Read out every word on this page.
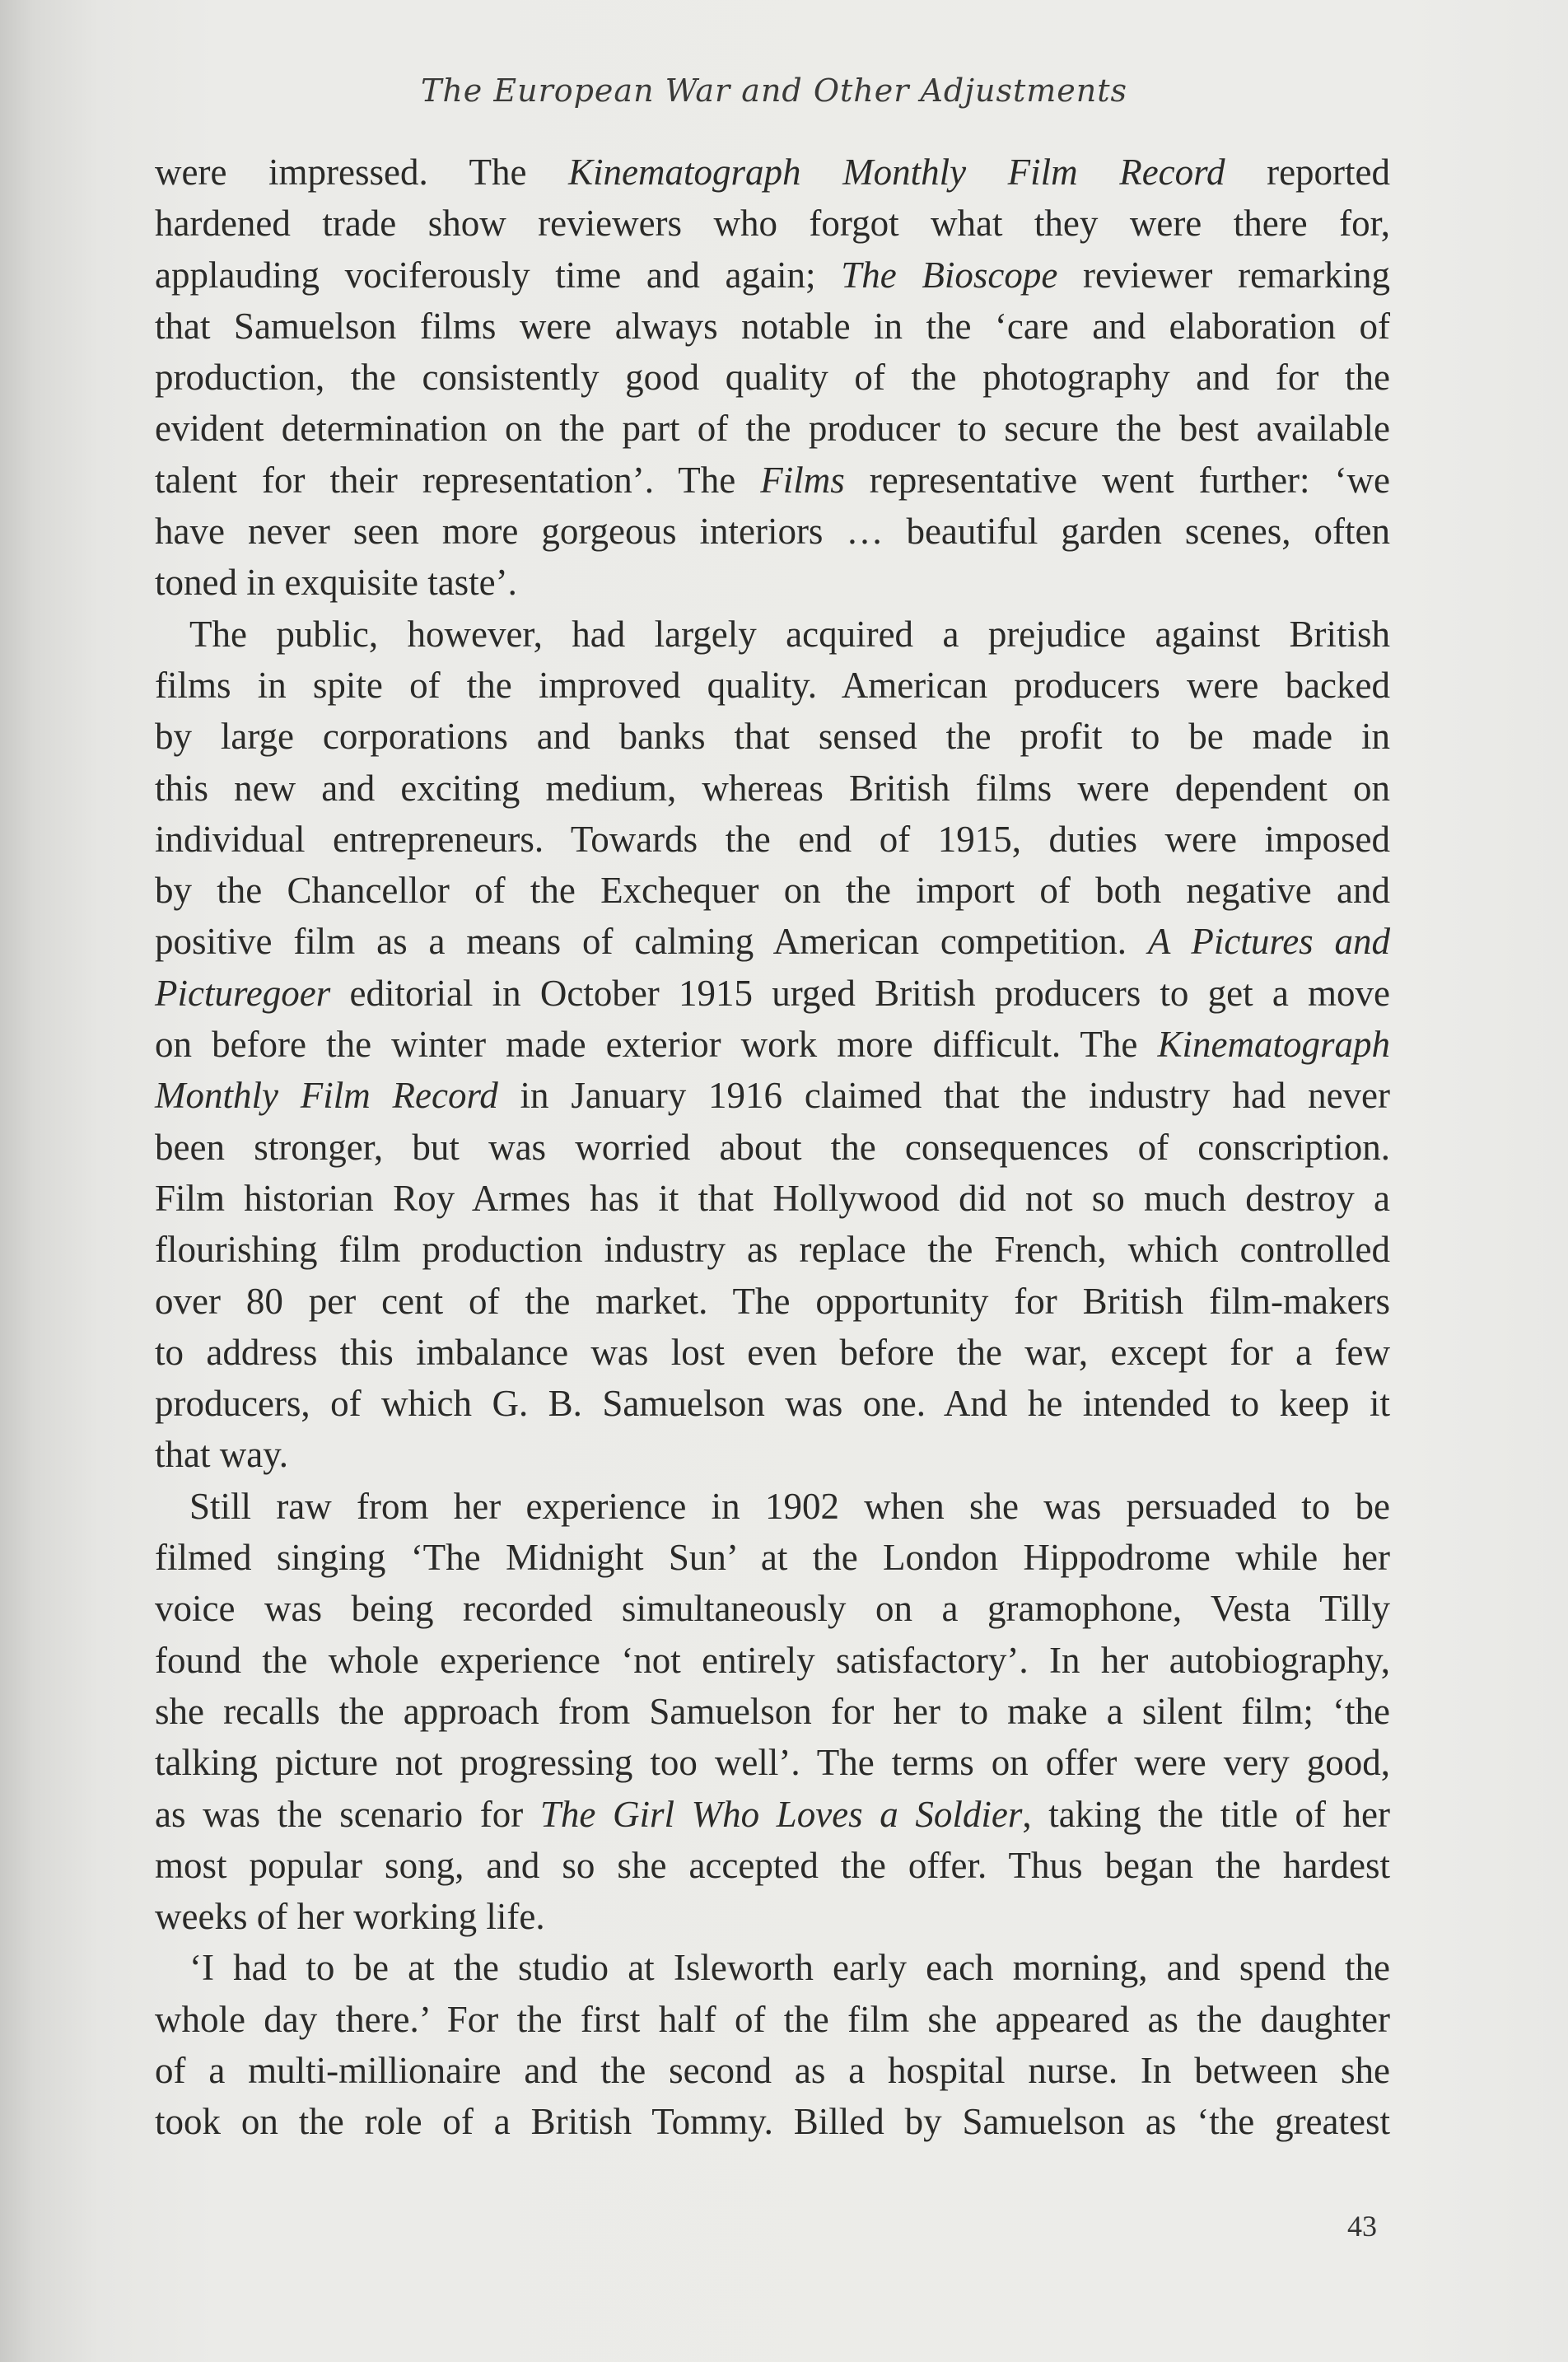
The European War and Other Adjustments
were impressed. The Kinematograph Monthly Film Record reported
hardened trade show reviewers who forgot what they were there for,
applauding vociferously time and again; The Bioscope reviewer remarking
that Samuelson films were always notable in the ‘care and elaboration of
production, the consistently good quality of the photography and for the
evident determination on the part of the producer to secure the best available
talent for their representation’. The Films representative went further: ‘we
have never seen more gorgeous interiors … beautiful garden scenes, often
toned in exquisite taste’.
The public, however, had largely acquired a prejudice against British
films in spite of the improved quality. American producers were backed
by large corporations and banks that sensed the profit to be made in
this new and exciting medium, whereas British films were dependent on
individual entrepreneurs. Towards the end of 1915, duties were imposed
by the Chancellor of the Exchequer on the import of both negative and
positive film as a means of calming American competition. A Pictures and
Picturegoer editorial in October 1915 urged British producers to get a move
on before the winter made exterior work more difficult. The Kinematograph
Monthly Film Record in January 1916 claimed that the industry had never
been stronger, but was worried about the consequences of conscription.
Film historian Roy Armes has it that Hollywood did not so much destroy a
flourishing film production industry as replace the French, which controlled
over 80 per cent of the market. The opportunity for British film-makers
to address this imbalance was lost even before the war, except for a few
producers, of which G. B. Samuelson was one. And he intended to keep it
that way.
Still raw from her experience in 1902 when she was persuaded to be
filmed singing ‘The Midnight Sun’ at the London Hippodrome while her
voice was being recorded simultaneously on a gramophone, Vesta Tilly
found the whole experience ‘not entirely satisfactory’. In her autobiography,
she recalls the approach from Samuelson for her to make a silent film; ‘the
talking picture not progressing too well’. The terms on offer were very good,
as was the scenario for The Girl Who Loves a Soldier, taking the title of her
most popular song, and so she accepted the offer. Thus began the hardest
weeks of her working life.
‘I had to be at the studio at Isleworth early each morning, and spend the
whole day there.’ For the first half of the film she appeared as the daughter
of a multi-millionaire and the second as a hospital nurse. In between she
took on the role of a British Tommy. Billed by Samuelson as ‘the greatest
43
